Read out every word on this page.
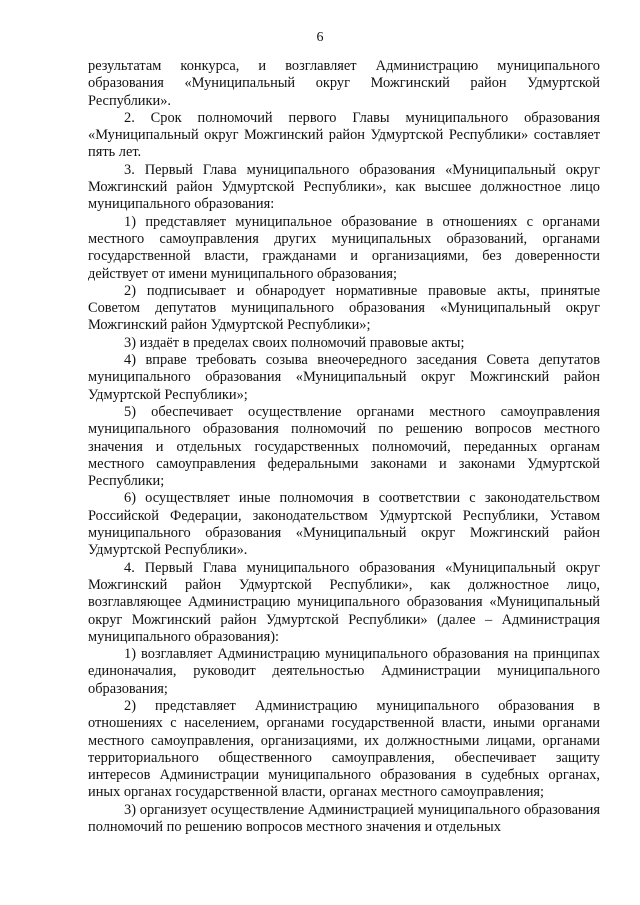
6

результатам конкурса, и возглавляет Администрацию муниципального образования «Муниципальный округ Можгинский район Удмуртской Республики».

2. Срок полномочий первого Главы муниципального образования «Муниципальный округ Можгинский район Удмуртской Республики» составляет пять лет.

3. Первый Глава муниципального образования «Муниципальный округ Можгинский район Удмуртской Республики», как высшее должностное лицо муниципального образования:

1) представляет муниципальное образование в отношениях с органами местного самоуправления других муниципальных образований, органами государственной власти, гражданами и организациями, без доверенности действует от имени муниципального образования;

2) подписывает и обнародует нормативные правовые акты, принятые Советом депутатов муниципального образования «Муниципальный округ Можгинский район Удмуртской Республики»;

3) издаёт в пределах своих полномочий правовые акты;

4) вправе требовать созыва внеочередного заседания Совета депутатов муниципального образования «Муниципальный округ Можгинский район Удмуртской Республики»;

5) обеспечивает осуществление органами местного самоуправления муниципального образования полномочий по решению вопросов местного значения и отдельных государственных полномочий, переданных органам местного самоуправления федеральными законами и законами Удмуртской Республики;

6) осуществляет иные полномочия в соответствии с законодательством Российской Федерации, законодательством Удмуртской Республики, Уставом муниципального образования «Муниципальный округ Можгинский район Удмуртской Республики».

4. Первый Глава муниципального образования «Муниципальный округ Можгинский район Удмуртской Республики», как должностное лицо, возглавляющее Администрацию муниципального образования «Муниципальный округ Можгинский район Удмуртской Республики» (далее – Администрация муниципального образования):

1) возглавляет Администрацию муниципального образования на принципах единоначалия, руководит деятельностью Администрации муниципального образования;

2) представляет Администрацию муниципального образования в отношениях с населением, органами государственной власти, иными органами местного самоуправления, организациями, их должностными лицами, органами территориального общественного самоуправления, обеспечивает защиту интересов Администрации муниципального образования в судебных органах, иных органах государственной власти, органах местного самоуправления;

3) организует осуществление Администрацией муниципального образования полномочий по решению вопросов местного значения и отдельных
